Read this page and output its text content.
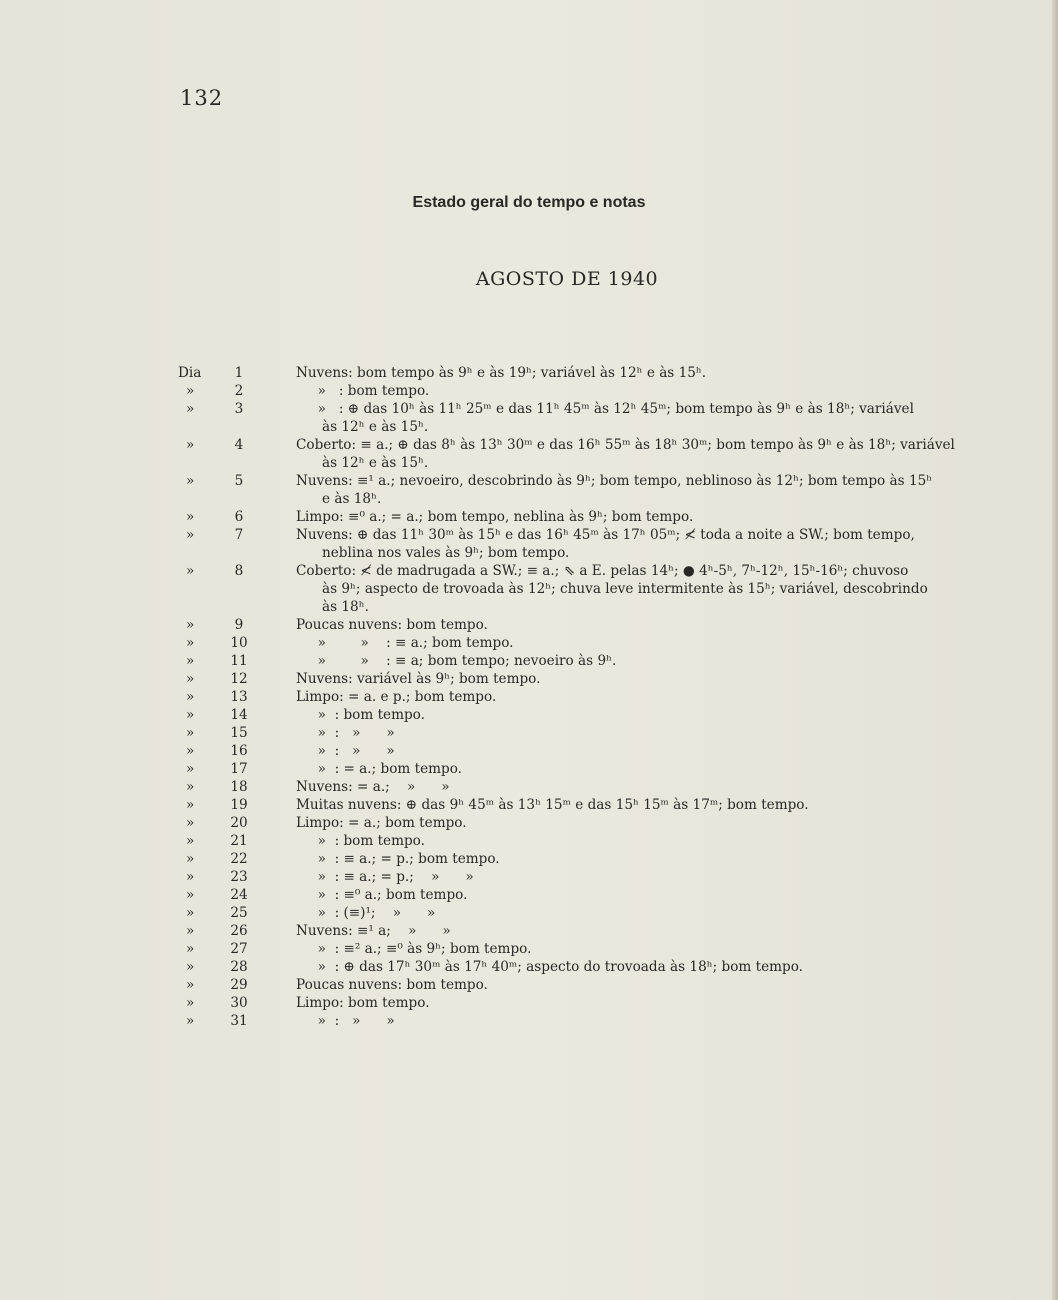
132
Estado geral do tempo e notas
AGOSTO DE 1940
Dia	1	Nuvens: bom tempo às 9ʰ e às 19ʰ; variável às 12ʰ e às 15ʰ.
»	2	»   : bom tempo.
»	3	»   : ⊕ das 10ʰ às 11ʰ 25ᵐ e das 11ʰ 45ᵐ às 12ʰ 45ᵐ; bom tempo às 9ʰ e às 18ʰ; variável
às 12ʰ e às 15ʰ.
»	4	Coberto: ≡ a.; ⊕ das 8ʰ às 13ʰ 30ᵐ e das 16ʰ 55ᵐ às 18ʰ 30ᵐ; bom tempo às 9ʰ e às 18ʰ; variável
às 12ʰ e às 15ʰ.
»	5	Nuvens: ≡¹ a.; nevoeiro, descobrindo às 9ʰ; bom tempo, neblinoso às 12ʰ; bom tempo às 15ʰ
e às 18ʰ.
»	6	Limpo: ≡⁰ a.; = a.; bom tempo, neblina às 9ʰ; bom tempo.
»	7	Nuvens: ⊕ das 11ʰ 30ᵐ às 15ʰ e das 16ʰ 45ᵐ às 17ʰ 05ᵐ; ≮ toda a noite a SW.; bom tempo,
neblina nos vales às 9ʰ; bom tempo.
»	8	Coberto: ≮ de madrugada a SW.; ≡ a.; ⇖ a E. pelas 14ʰ; ● 4ʰ-5ʰ, 7ʰ-12ʰ, 15ʰ-16ʰ; chuvoso
às 9ʰ; aspecto de trovoada às 12ʰ; chuva leve intermitente às 15ʰ; variável, descobrindo
às 18ʰ.
»	9	Poucas nuvens: bom tempo.
»	10	»        »    : ≡ a.; bom tempo.
»	11	»        »    : ≡ a; bom tempo; nevoeiro às 9ʰ.
»	12	Nuvens: variável às 9ʰ; bom tempo.
»	13	Limpo: = a. e p.; bom tempo.
»	14	»  : bom tempo.
»	15	»  :   »      »
»	16	»  :   »      »
»	17	»  : = a.; bom tempo.
»	18	Nuvens: = a.;    »      »
»	19	Muitas nuvens: ⊕ das 9ʰ 45ᵐ às 13ʰ 15ᵐ e das 15ʰ 15ᵐ às 17ᵐ; bom tempo.
»	20	Limpo: = a.; bom tempo.
»	21	»  : bom tempo.
»	22	»  : ≡ a.; = p.; bom tempo.
»	23	»  : ≡ a.; = p.;    »      »
»	24	»  : ≡⁰ a.; bom tempo.
»	25	»  : (≡)¹;    »      »
»	26	Nuvens: ≡¹ a;    »      »
»	27	»  : ≡² a.; ≡⁰ às 9ʰ; bom tempo.
»	28	»  : ⊕ das 17ʰ 30ᵐ às 17ʰ 40ᵐ; aspecto do trovoada às 18ʰ; bom tempo.
»	29	Poucas nuvens: bom tempo.
»	30	Limpo: bom tempo.
»	31	»  :   »      »
